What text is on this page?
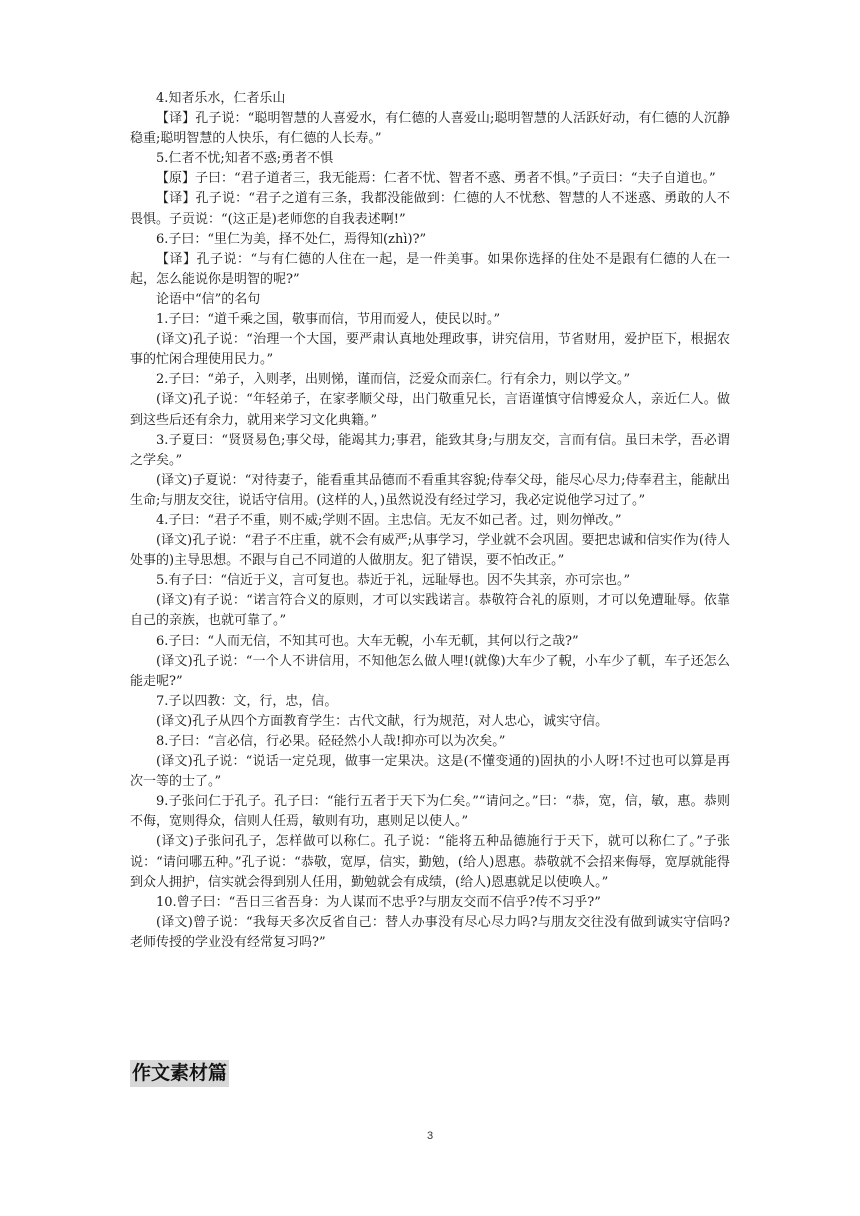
4.知者乐水，仁者乐山

【译】孔子说：“聪明智慧的人喜爱水，有仁德的人喜爱山;聪明智慧的人活跃好动，有仁德的人沉静稳重;聪明智慧的人快乐，有仁德的人长寿。”

5.仁者不忧;知者不惑;勇者不惧

【原】子曰：“君子道者三，我无能焉：仁者不忧、智者不惑、勇者不惧。”子贡曰：“夫子自道也。”

【译】孔子说：“君子之道有三条，我都没能做到：仁德的人不忧愁、智慧的人不迷惑、勇敢的人不畏惧。子贡说：“(这正是)老师您的自我表述啊!”

6.子曰：“里仁为美，择不处仁，焉得知(zhì)?”

【译】孔子说：“与有仁德的人住在一起，是一件美事。如果你选择的住处不是跟有仁德的人在一起，怎么能说你是明智的呢?”

论语中“信”的名句

1.子曰：“道千乘之国，敬事而信，节用而爱人，使民以时。”

(译文)孔子说：“治理一个大国，要严肃认真地处理政事，讲究信用，节省财用，爱护臣下，根据农事的忙闲合理使用民力。”

2.子曰：“弟子，入则孝，出则悌，谨而信，泛爱众而亲仁。行有余力，则以学文。”

(译文)孔子说：“年轻弟子，在家孝顺父母，出门敬重兄长，言语谨慎守信博爱众人，亲近仁人。做到这些后还有余力，就用来学习文化典籍。”

3.子夏曰：“贤贤易色;事父母，能竭其力;事君，能致其身;与朋友交，言而有信。虽曰未学，吾必谓之学矣。”

(译文)子夏说：“对待妻子，能看重其品德而不看重其容貌;侍奉父母，能尽心尽力;侍奉君主，能献出生命;与朋友交往，说话守信用。(这样的人，)虽然说没有经过学习，我必定说他学习过了。”

4.子曰：“君子不重，则不威;学则不固。主忠信。无友不如己者。过，则勿惮改。”

(译文)孔子说：“君子不庄重，就不会有威严;从事学习，学业就不会巩固。要把忠诚和信实作为(待人处事的)主导思想。不跟与自己不同道的人做朋友。犯了错误，要不怕改正。”

5.有子曰：“信近于义，言可复也。恭近于礼，远耻辱也。因不失其亲，亦可宗也。”

(译文)有子说：“诺言符合义的原则，才可以实践诺言。恭敬符合礼的原则，才可以免遭耻辱。依靠自己的亲族，也就可靠了。”

6.子曰：“人而无信，不知其可也。大车无輗，小车无軏，其何以行之哉?”

(译文)孔子说：“一个人不讲信用，不知他怎么做人哩!(就像)大车少了輗，小车少了軏，车子还怎么能走呢?”

7.子以四教：文，行，忠，信。

(译文)孔子从四个方面教育学生：古代文献，行为规范，对人忠心，诚实守信。

8.子曰：“言必信，行必果。硁硁然小人哉!抑亦可以为次矣。”

(译文)孔子说：“说话一定兑现，做事一定果决。这是(不懂变通的)固执的小人呀!不过也可以算是再次一等的士了。”

9.子张问仁于孔子。孔子曰：“能行五者于天下为仁矣。”“请问之。”曰：“恭，宽，信，敏，惠。恭则不侮，宽则得众，信则人任焉，敏则有功，惠则足以使人。”

(译文)子张问孔子，怎样做可以称仁。孔子说：“能将五种品德施行于天下，就可以称仁了。”子张说：“请问哪五种。”孔子说：“恭敬，宽厚，信实，勤勉，(给人)恩惠。恭敬就不会招来侮辱，宽厚就能得到众人拥护，信实就会得到别人任用，勤勉就会有成绩，(给人)恩惠就足以使唤人。”

10.曾子曰：“吾日三省吾身：为人谋而不忠乎?与朋友交而不信乎?传不习乎?”

(译文)曾子说：“我每天多次反省自己：替人办事没有尽心尽力吗?与朋友交往没有做到诚实守信吗?老师传授的学业没有经常复习吗?”

作文素材篇
3
